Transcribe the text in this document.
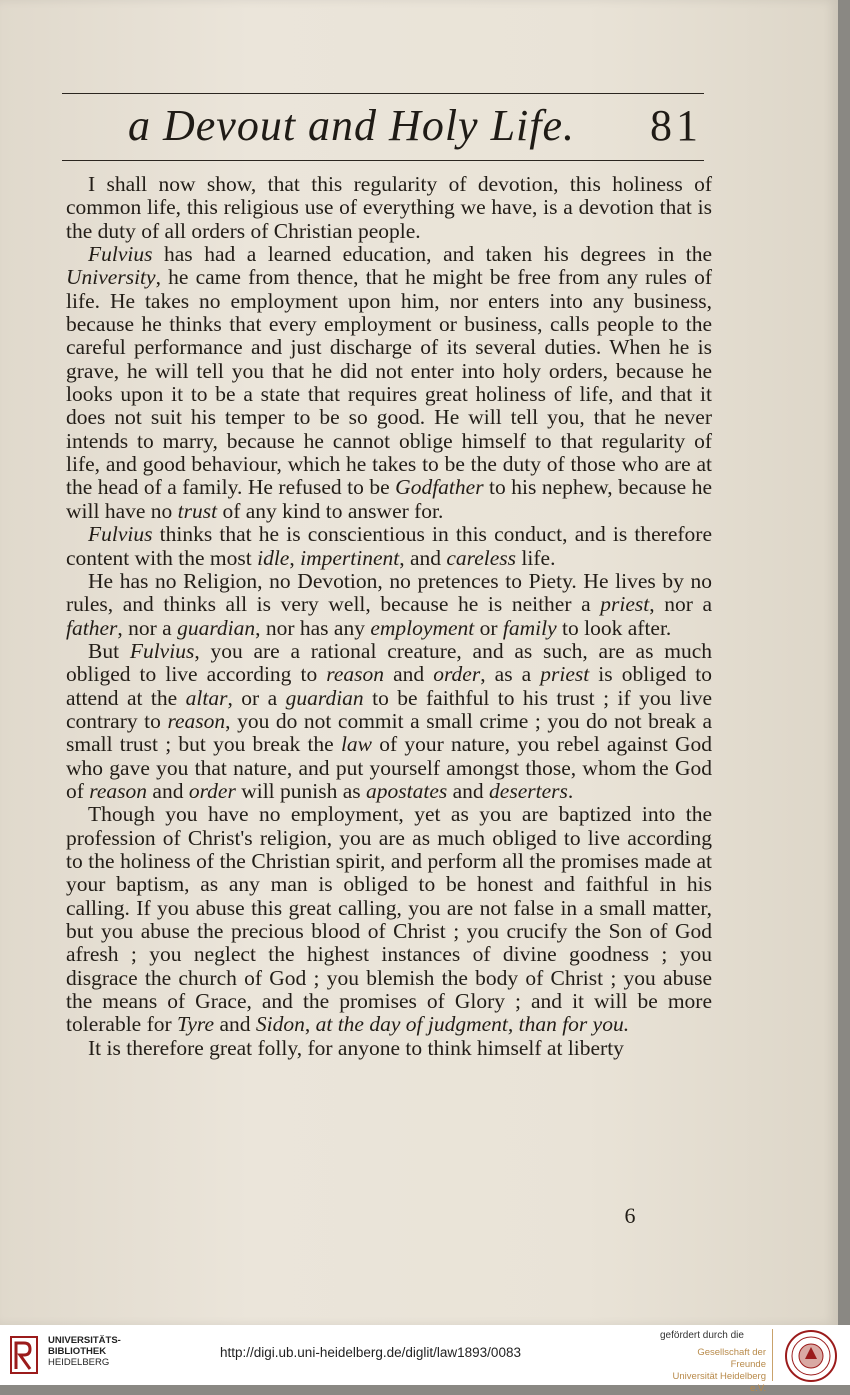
a Devout and Holy Life. 81

I shall now show, that this regularity of devotion, this holiness of common life, this religious use of everything we have, is a devotion that is the duty of all orders of Christian people.

Fulvius has had a learned education, and taken his degrees in the University, he came from thence, that he might be free from any rules of life. He takes no employment upon him, nor enters into any business, because he thinks that every employment or business, calls people to the careful performance and just discharge of its several duties. When he is grave, he will tell you that he did not enter into holy orders, because he looks upon it to be a state that requires great holiness of life, and that it does not suit his temper to be so good. He will tell you, that he never intends to marry, because he cannot oblige himself to that regularity of life, and good behaviour, which he takes to be the duty of those who are at the head of a family. He refused to be Godfather to his nephew, because he will have no trust of any kind to answer for.

Fulvius thinks that he is conscientious in this conduct, and is therefore content with the most idle, impertinent, and careless life.

He has no Religion, no Devotion, no pretences to Piety. He lives by no rules, and thinks all is very well, because he is neither a priest, nor a father, nor a guardian, nor has any employment or family to look after.

But Fulvius, you are a rational creature, and as such, are as much obliged to live according to reason and order, as a priest is obliged to attend at the altar, or a guardian to be faithful to his trust ; if you live contrary to reason, you do not commit a small crime ; you do not break a small trust ; but you break the law of your nature, you rebel against God who gave you that nature, and put yourself amongst those, whom the God of reason and order will punish as apostates and deserters.

Though you have no employment, yet as you are baptized into the profession of Christ's religion, you are as much obliged to live according to the holiness of the Christian spirit, and perform all the promises made at your baptism, as any man is obliged to be honest and faithful in his calling. If you abuse this great calling, you are not false in a small matter, but you abuse the precious blood of Christ ; you crucify the Son of God afresh ; you neglect the highest instances of divine goodness ; you disgrace the church of God ; you blemish the body of Christ ; you abuse the means of Grace, and the promises of Glory ; and it will be more tolerable for Tyre and Sidon, at the day of judgment, than for you.

It is therefore great folly, for anyone to think himself at liberty

6
UNIVERSITÄTS-
BIBLIOTHEK
HEIDELBERG
http://digi.ub.uni-heidelberg.de/diglit/law1893/0083
gefördert durch die
Gesellschaft der Freunde
Universität Heidelberg e.V.
